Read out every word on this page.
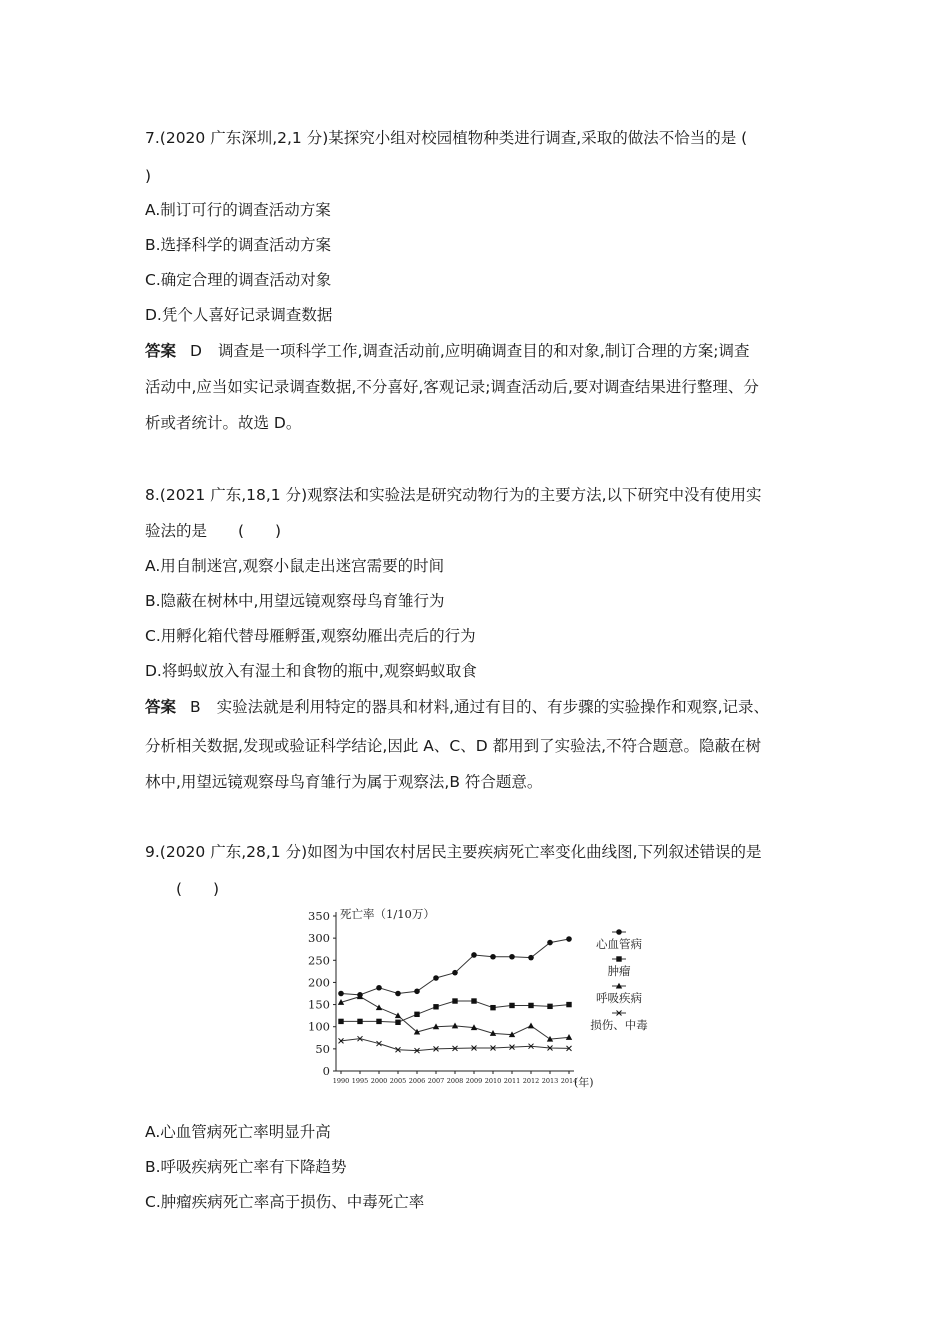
7.(2020 广东深圳,2,1 分)某探究小组对校园植物种类进行调查,采取的做法不恰当的是 (
)
A.制订可行的调查活动方案
B.选择科学的调查活动方案
C.确定合理的调查活动对象
D.凭个人喜好记录调查数据
答案 D 调查是一项科学工作,调查活动前,应明确调查目的和对象,制订合理的方案;调查
活动中,应当如实记录调查数据,不分喜好,客观记录;调查活动后,要对调查结果进行整理、分
析或者统计。故选 D。
8.(2021 广东,18,1 分)观察法和实验法是研究动物行为的主要方法,以下研究中没有使用实
验法的是　　(　　)
A.用自制迷宫,观察小鼠走出迷宫需要的时间
B.隐蔽在树林中,用望远镜观察母鸟育雏行为
C.用孵化箱代替母雁孵蛋,观察幼雁出壳后的行为
D.将蚂蚁放入有湿土和食物的瓶中,观察蚂蚁取食
答案 B 实验法就是利用特定的器具和材料,通过有目的、有步骤的实验操作和观察,记录、
分析相关数据,发现或验证科学结论,因此 A、C、D 都用到了实验法,不符合题意。隐蔽在树
林中,用望远镜观察母鸟育雏行为属于观察法,B 符合题意。
9.(2020 广东,28,1 分)如图为中国农村居民主要疾病死亡率变化曲线图,下列叙述错误的是
(　　)
0
50
100
150
200
250
300
350
1990 1995 2000 2005 2006 2007 2008 2009 2010 2011 2012 2013 2014
心血管病
肿瘤
呼吸疾病
损伤、中毒
死亡率（1/10万）
(年)
A.心血管病死亡率明显升高
B.呼吸疾病死亡率有下降趋势
C.肿瘤疾病死亡率高于损伤、中毒死亡率
